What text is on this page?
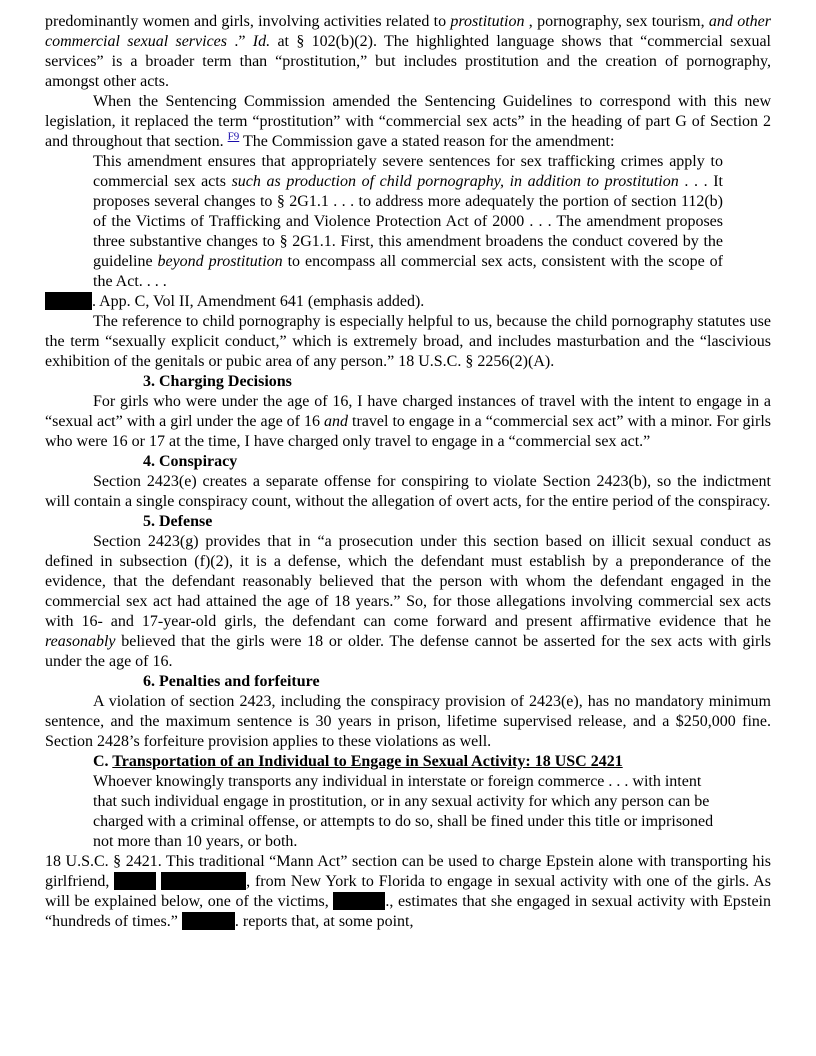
predominantly women and girls, involving activities related to prostitution , pornography, sex tourism, and other commercial sexual services .” Id. at § 102(b)(2). The highlighted language shows that “commercial sexual services” is a broader term than “prostitution,” but includes prostitution and the creation of pornography, amongst other acts.

When the Sentencing Commission amended the Sentencing Guidelines to correspond with this new legislation, it replaced the term “prostitution” with “commercial sex acts” in the heading of part G of Section 2 and throughout that section. $^{F9}$ The Commission gave a stated reason for the amendment:

This amendment ensures that appropriately severe sentences for sex trafficking crimes apply to commercial sex acts such as production of child pornography, in addition to prostitution . . . It proposes several changes to § 2G1.1 . . . to address more adequately the portion of section 112(b) of the Victims of Trafficking and Violence Protection Act of 2000 . . . The amendment proposes three substantive changes to § 2G1.1. First, this amendment broadens the conduct covered by the guideline beyond prostitution to encompass all commercial sex acts, consistent with the scope of the Act. . . .

. App. C, Vol II, Amendment 641 (emphasis added).

The reference to child pornography is especially helpful to us, because the child pornography statutes use the term “sexually explicit conduct,” which is extremely broad, and includes masturbation and the “lascivious exhibition of the genitals or pubic area of any person.” 18 U.S.C. § 2256(2)(A).

3. Charging Decisions

For girls who were under the age of 16, I have charged instances of travel with the intent to engage in a “sexual act” with a girl under the age of 16 and travel to engage in a “commercial sex act” with a minor. For girls who were 16 or 17 at the time, I have charged only travel to engage in a “commercial sex act.”

4. Conspiracy

Section 2423(e) creates a separate offense for conspiring to violate Section 2423(b), so the indictment will contain a single conspiracy count, without the allegation of overt acts, for the entire period of the conspiracy.

5. Defense

Section 2423(g) provides that in “a prosecution under this section based on illicit sexual conduct as defined in subsection (f)(2), it is a defense, which the defendant must establish by a preponderance of the evidence, that the defendant reasonably believed that the person with whom the defendant engaged in the commercial sex act had attained the age of 18 years.” So, for those allegations involving commercial sex acts with 16- and 17-year-old girls, the defendant can come forward and present affirmative evidence that he reasonably believed that the girls were 18 or older. The defense cannot be asserted for the sex acts with girls under the age of 16.

6. Penalties and forfeiture

A violation of section 2423, including the conspiracy provision of 2423(e), has no mandatory minimum sentence, and the maximum sentence is 30 years in prison, lifetime supervised release, and a $250,000 fine. Section 2428’s forfeiture provision applies to these violations as well.

C. Transportation of an Individual to Engage in Sexual Activity: 18 USC 2421

Whoever knowingly transports any individual in interstate or foreign commerce . . . with intent that such individual engage in prostitution, or in any sexual activity for which any person can be charged with a criminal offense, or attempts to do so, shall be fined under this title or imprisoned not more than 10 years, or both.

18 U.S.C. § 2421. This traditional “Mann Act” section can be used to charge Epstein alone with transporting his girlfriend,	, from New York to Florida to engage in sexual activity with one of the girls. As will be explained below, one of the victims,	., estimates that she engaged in sexual activity with Epstein “hundreds of times.”	. reports that, at some point,
